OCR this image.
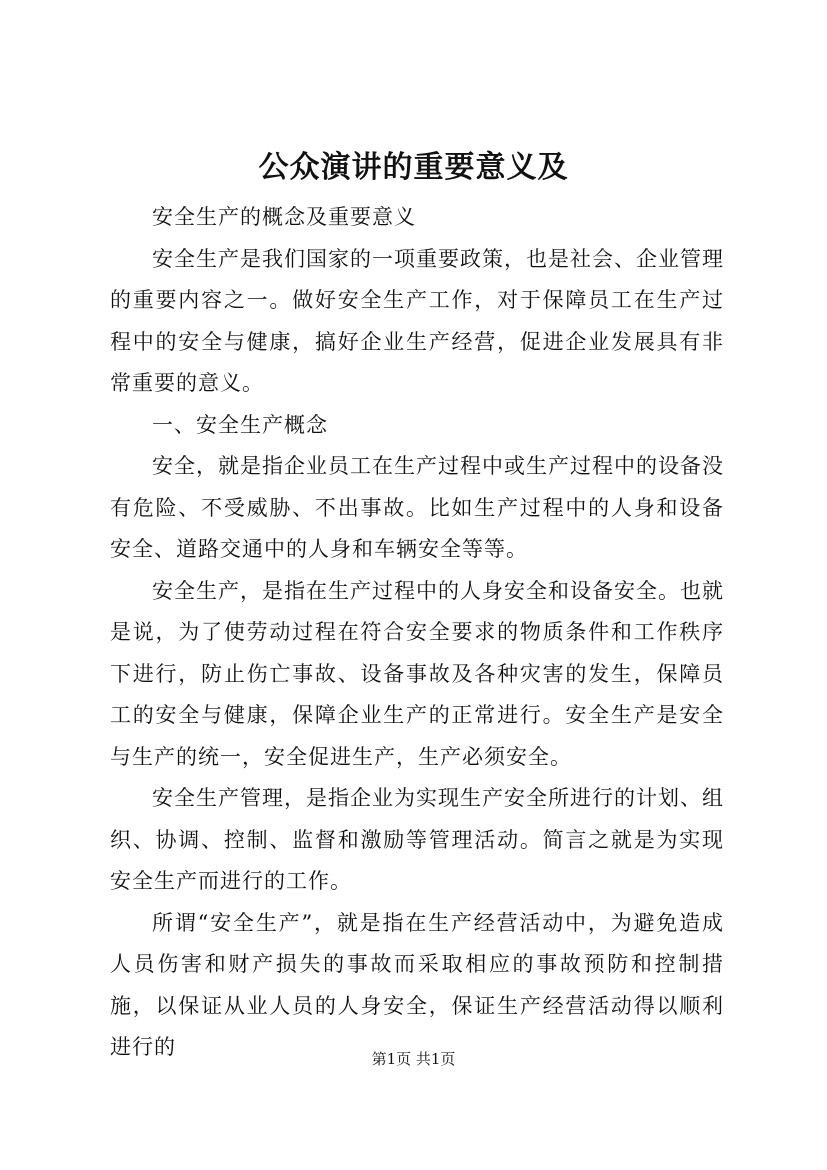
公众演讲的重要意义及

安全生产的概念及重要意义

安全生产是我们国家的一项重要政策，也是社会、企业管理的重要内容之一。做好安全生产工作，对于保障员工在生产过程中的安全与健康，搞好企业生产经营，促进企业发展具有非常重要的意义。

一、安全生产概念

安全，就是指企业员工在生产过程中或生产过程中的设备没有危险、不受威胁、不出事故。比如生产过程中的人身和设备安全、道路交通中的人身和车辆安全等等。

安全生产，是指在生产过程中的人身安全和设备安全。也就是说，为了使劳动过程在符合安全要求的物质条件和工作秩序下进行，防止伤亡事故、设备事故及各种灾害的发生，保障员工的安全与健康，保障企业生产的正常进行。安全生产是安全与生产的统一，安全促进生产，生产必须安全。

安全生产管理，是指企业为实现生产安全所进行的计划、组织、协调、控制、监督和激励等管理活动。简言之就是为实现安全生产而进行的工作。

所谓“安全生产”，就是指在生产经营活动中，为避免造成人员伤害和财产损失的事故而采取相应的事故预防和控制措施，以保证从业人员的人身安全，保证生产经营活动得以顺利进行的	第1页 共1页
